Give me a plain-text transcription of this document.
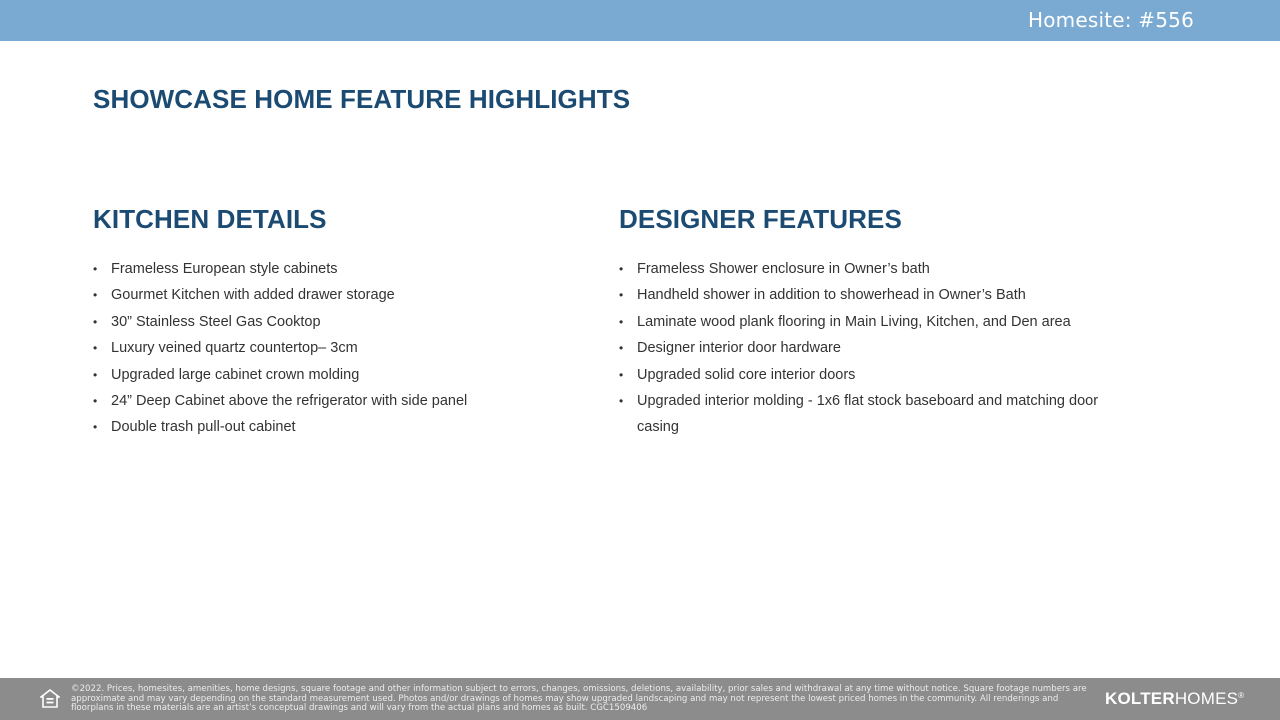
Homesite: #556
SHOWCASE HOME FEATURE HIGHLIGHTS
KITCHEN DETAILS
• Frameless European style cabinets
• Gourmet Kitchen with added drawer storage
• 30” Stainless Steel Gas Cooktop
• Luxury veined quartz countertop– 3cm
• Upgraded large cabinet crown molding
• 24” Deep Cabinet above the refrigerator with side panel
• Double trash pull-out cabinet
DESIGNER FEATURES
• Frameless Shower enclosure in Owner’s bath
• Handheld shower in addition to showerhead in Owner’s Bath
• Laminate wood plank flooring in Main Living, Kitchen, and Den area
• Designer interior door hardware
• Upgraded solid core interior doors
• Upgraded interior molding - 1x6 flat stock baseboard and matching door casing
©2022. Prices, homesites, amenities, home designs, square footage and other information subject to errors, changes, omissions, deletions, availability, prior sales and withdrawal at any time without notice. Square footage numbers are approximate and may vary depending on the standard measurement used. Photos and/or drawings of homes may show upgraded landscaping and may not represent the lowest priced homes in the community. All renderings and floorplans in these materials are an artist’s conceptual drawings and will vary from the actual plans and homes as built. CGC1509406
KOLTERHOMES®
